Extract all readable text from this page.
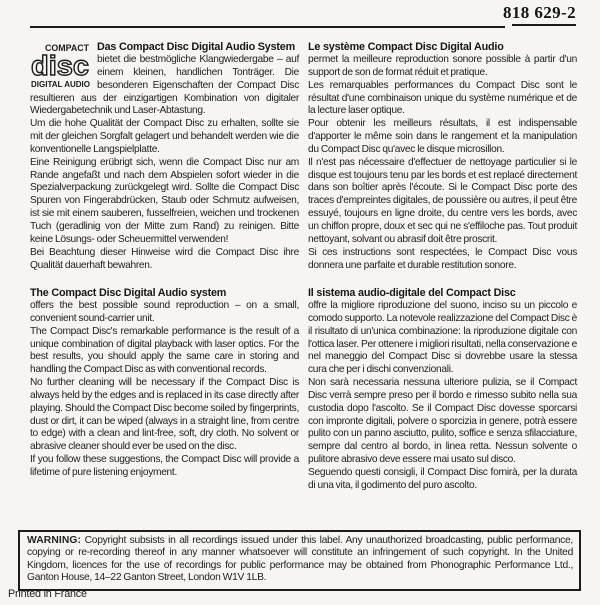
818 629-2
COMPACT
disc
DIGITAL AUDIO
Das Compact Disc Digital Audio System

bietet die bestmögliche Klangwiedergabe – auf einem kleinen, handlichen Tonträger. Die besonderen Eigenschaften der Compact Disc resultieren aus der einzigartigen Kombination von digitaler Wiedergabetechnik und Laser-Abtastung.

Um die hohe Qualität der Compact Disc zu erhalten, sollte sie mit der gleichen Sorgfalt gelagert und behandelt werden wie die konventionelle Langspielplatte.

Eine Reinigung erübrigt sich, wenn die Compact Disc nur am Rande angefaßt und nach dem Abspielen sofort wieder in die Spezialverpackung zurückgelegt wird. Sollte die Compact Disc Spuren von Fingerabdrücken, Staub oder Schmutz aufweisen, ist sie mit einem sauberen, fusselfreien, weichen und trockenen Tuch (geradlinig von der Mitte zum Rand) zu reinigen. Bitte keine Lösungs- oder Scheuermittel verwenden!

Bei Beachtung dieser Hinweise wird die Compact Disc ihre Qualität dauerhaft bewahren.

The Compact Disc Digital Audio system

offers the best possible sound reproduction – on a small, convenient sound-carrier unit.

The Compact Disc's remarkable performance is the result of a unique combination of digital playback with laser optics. For the best results, you should apply the same care in storing and handling the Compact Disc as with conventional records.

No further cleaning will be necessary if the Compact Disc is always held by the edges and is replaced in its case directly after playing. Should the Compact Disc become soiled by fingerprints, dust or dirt, it can be wiped (always in a straight line, from centre to edge) with a clean and lint-free, soft, dry cloth. No solvent or abrasive cleaner should ever be used on the disc.

If you follow these suggestions, the Compact Disc will provide a lifetime of pure listening enjoyment.

Le système Compact Disc Digital Audio

permet la meilleure reproduction sonore possible à partir d'un support de son de format réduit et pratique.

Les remarquables performances du Compact Disc sont le résultat d'une combinaison unique du système numérique et de la lecture laser optique.

Pour obtenir les meilleurs résultats, il est indispensable d'apporter le même soin dans le rangement et la manipulation du Compact Disc qu'avec le disque microsillon.

Il n'est pas nécessaire d'effectuer de nettoyage particulier si le disque est toujours tenu par les bords et est replacé directement dans son boîtier après l'écoute. Si le Compact Disc porte des traces d'empreintes digitales, de poussière ou autres, il peut être essuyé, toujours en ligne droite, du centre vers les bords, avec un chiffon propre, doux et sec qui ne s'effiloche pas. Tout produit nettoyant, solvant ou abrasif doit être proscrit.

Si ces instructions sont respectées, le Compact Disc vous donnera une parfaite et durable restitution sonore.

Il sistema audio-digitale del Compact Disc

offre la migliore riproduzione del suono, inciso su un piccolo e comodo supporto. La notevole realizzazione del Compact Disc è il risultato di un'unica combinazione: la riproduzione digitale con l'ottica laser. Per ottenere i migliori risultati, nella conservazione e nel maneggio del Compact Disc si dovrebbe usare la stessa cura che per i dischi convenzionali.

Non sarà necessaria nessuna ulteriore pulizia, se il Compact Disc verrà sempre preso per il bordo e rimesso subito nella sua custodia dopo l'ascolto. Se il Compact Disc dovesse sporcarsi con impronte digitali, polvere o sporcizia in genere, potrà essere pulito con un panno asciutto, pulito, soffice e senza sfilacciature, sempre dal centro al bordo, in linea retta. Nessun solvente o pulitore abrasivo deve essere mai usato sul disco.

Seguendo questi consigli, il Compact Disc fornirà, per la durata di una vita, il godimento del puro ascolto.

WARNING: Copyright subsists in all recordings issued under this label. Any unauthorized broadcasting, public performance, copying or re-recording thereof in any manner whatsoever will constitute an infringement of such copyright. In the United Kingdom, licences for the use of recordings for public performance may be obtained from Phonographic Performance Ltd., Ganton House, 14–22 Ganton Street, London W1V 1LB.

Printed in France
